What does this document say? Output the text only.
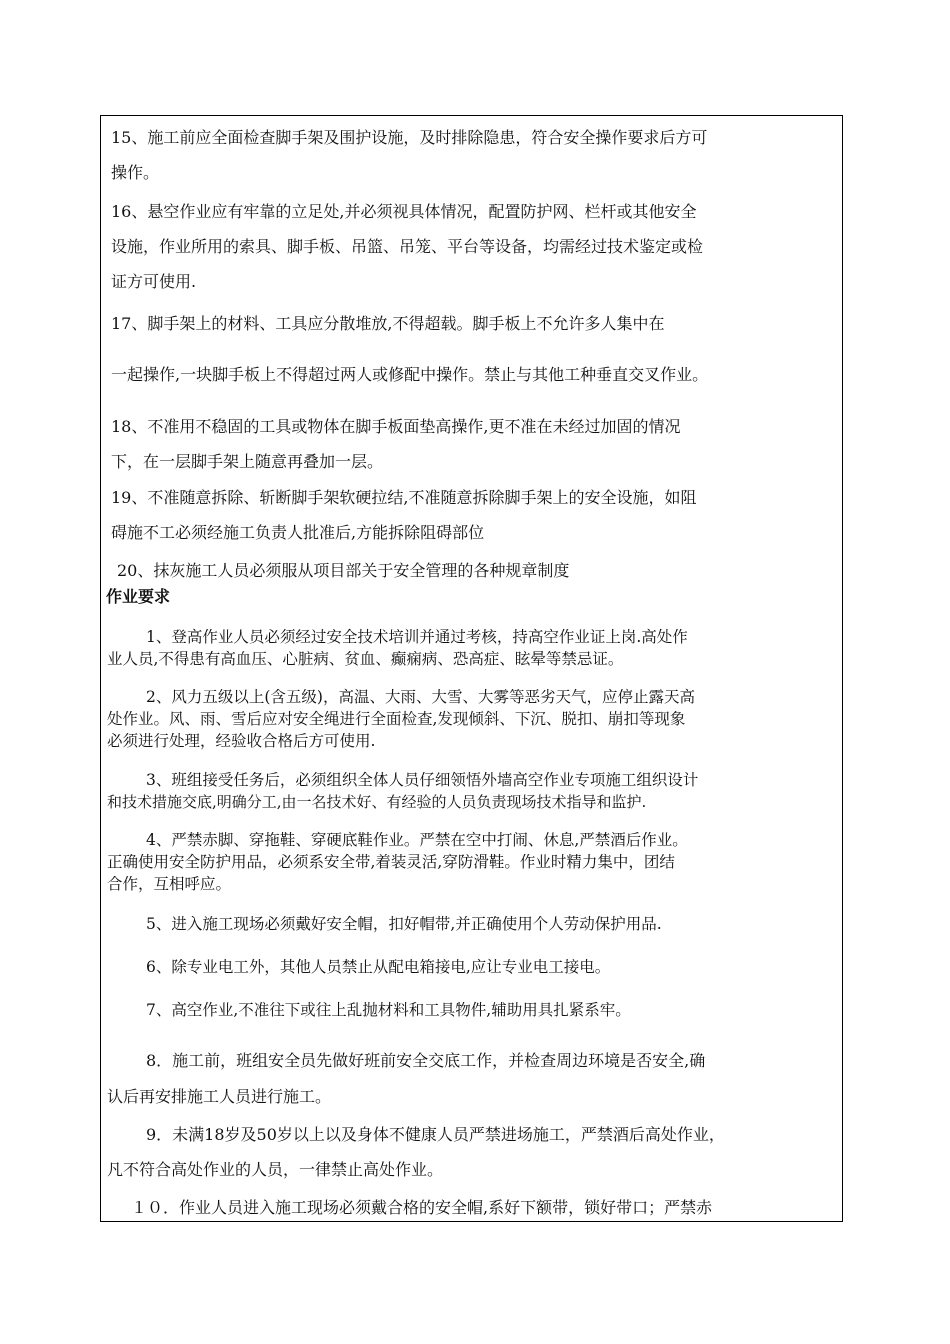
15、施工前应全面检查脚手架及围护设施，及时排除隐患，符合安全操作要求后方可
操作。
16、悬空作业应有牢靠的立足处,并必须视具体情况，配置防护网、栏杆或其他安全
设施，作业所用的索具、脚手板、吊篮、吊笼、平台等设备，均需经过技术鉴定或检
证方可使用.
17、脚手架上的材料、工具应分散堆放,不得超载。脚手板上不允许多人集中在
一起操作,一块脚手板上不得超过两人或修配中操作。禁止与其他工种垂直交叉作业。
18、不准用不稳固的工具或物体在脚手板面垫高操作,更不准在未经过加固的情况
下，在一层脚手架上随意再叠加一层。
19、不准随意拆除、斩断脚手架软硬拉结,不准随意拆除脚手架上的安全设施，如阻
碍施不工必须经施工负责人批准后,方能拆除阻碍部位
20、抹灰施工人员必须服从项目部关于安全管理的各种规章制度
作业要求
1、登高作业人员必须经过安全技术培训并通过考核，持高空作业证上岗.高处作
业人员,不得患有高血压、心脏病、贫血、癫痫病、恐高症、眩晕等禁忌证。
2、风力五级以上(含五级)，高温、大雨、大雪、大雾等恶劣天气，应停止露天高
处作业。风、雨、雪后应对安全绳进行全面检查,发现倾斜、下沉、脱扣、崩扣等现象
必须进行处理，经验收合格后方可使用.
3、班组接受任务后，必须组织全体人员仔细领悟外墙高空作业专项施工组织设计
和技术措施交底,明确分工,由一名技术好、有经验的人员负责现场技术指导和监护.
4、严禁赤脚、穿拖鞋、穿硬底鞋作业。严禁在空中打闹、休息,严禁酒后作业。
正确使用安全防护用品，必须系安全带,着装灵活,穿防滑鞋。作业时精力集中，团结
合作，互相呼应。
5、进入施工现场必须戴好安全帽，扣好帽带,并正确使用个人劳动保护用品.
6、除专业电工外，其他人员禁止从配电箱接电,应让专业电工接电。
7、高空作业,不准往下或往上乱抛材料和工具物件,辅助用具扎紧系牢。
8．施工前，班组安全员先做好班前安全交底工作，并检查周边环境是否安全,确
认后再安排施工人员进行施工。
9．未满18岁及50岁以上以及身体不健康人员严禁进场施工，严禁酒后高处作业，
凡不符合高处作业的人员，一律禁止高处作业。
１０．作业人员进入施工现场必须戴合格的安全帽,系好下额带，锁好带口；严禁赤
